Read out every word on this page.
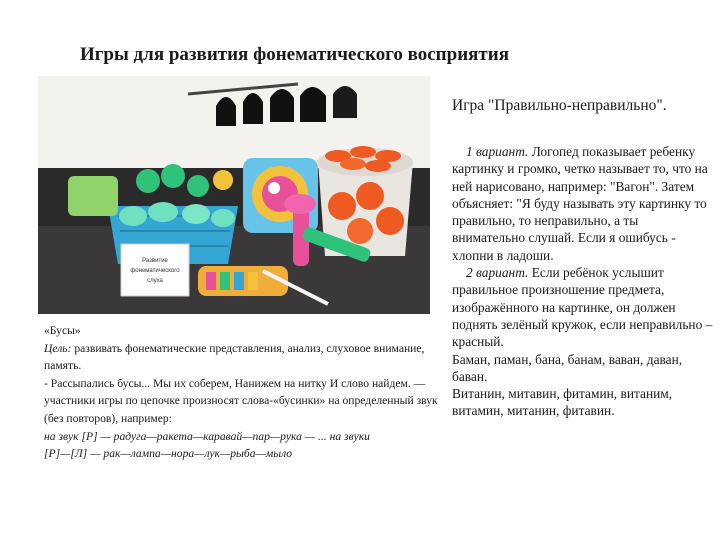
Игры для развития фонематического восприятия
Развитие
фонематического
слуха
Игра "Правильно-неправильно".

1 вариант. Логопед показывает ребенку картинку и громко, четко называет то, что на ней нарисовано, например: "Вагон". Затем объясняет: "Я буду называть эту картинку то правильно, то неправильно, а ты внимательно слушай. Если я ошибусь - хлопни в ладоши.

2 вариант. Если ребёнок услышит правильное произношение предмета, изображённого на картинке, он должен поднять зелёный кружок, если неправильно – красный.

Баман, паман, бана, банам, ваван, даван, баван.

Витанин, митавин, фитамин, витаним, витамин, митанин, фитавин.

«Бусы»

Цель: развивать фонематические представления, анализ, слуховое внимание, память.

- Рассыпались бусы... Мы их соберем, Нанижем на нитку И слово найдем. — участники игры по цепочке произносят слова-«бусинки» на определенный звук (без повторов), например:

на звук [Р] — радуга—ракета—каравай—пар—рука — ... на звуки

[Р]—[Л] — рак—лампа—нора—лук—рыба—мыло
